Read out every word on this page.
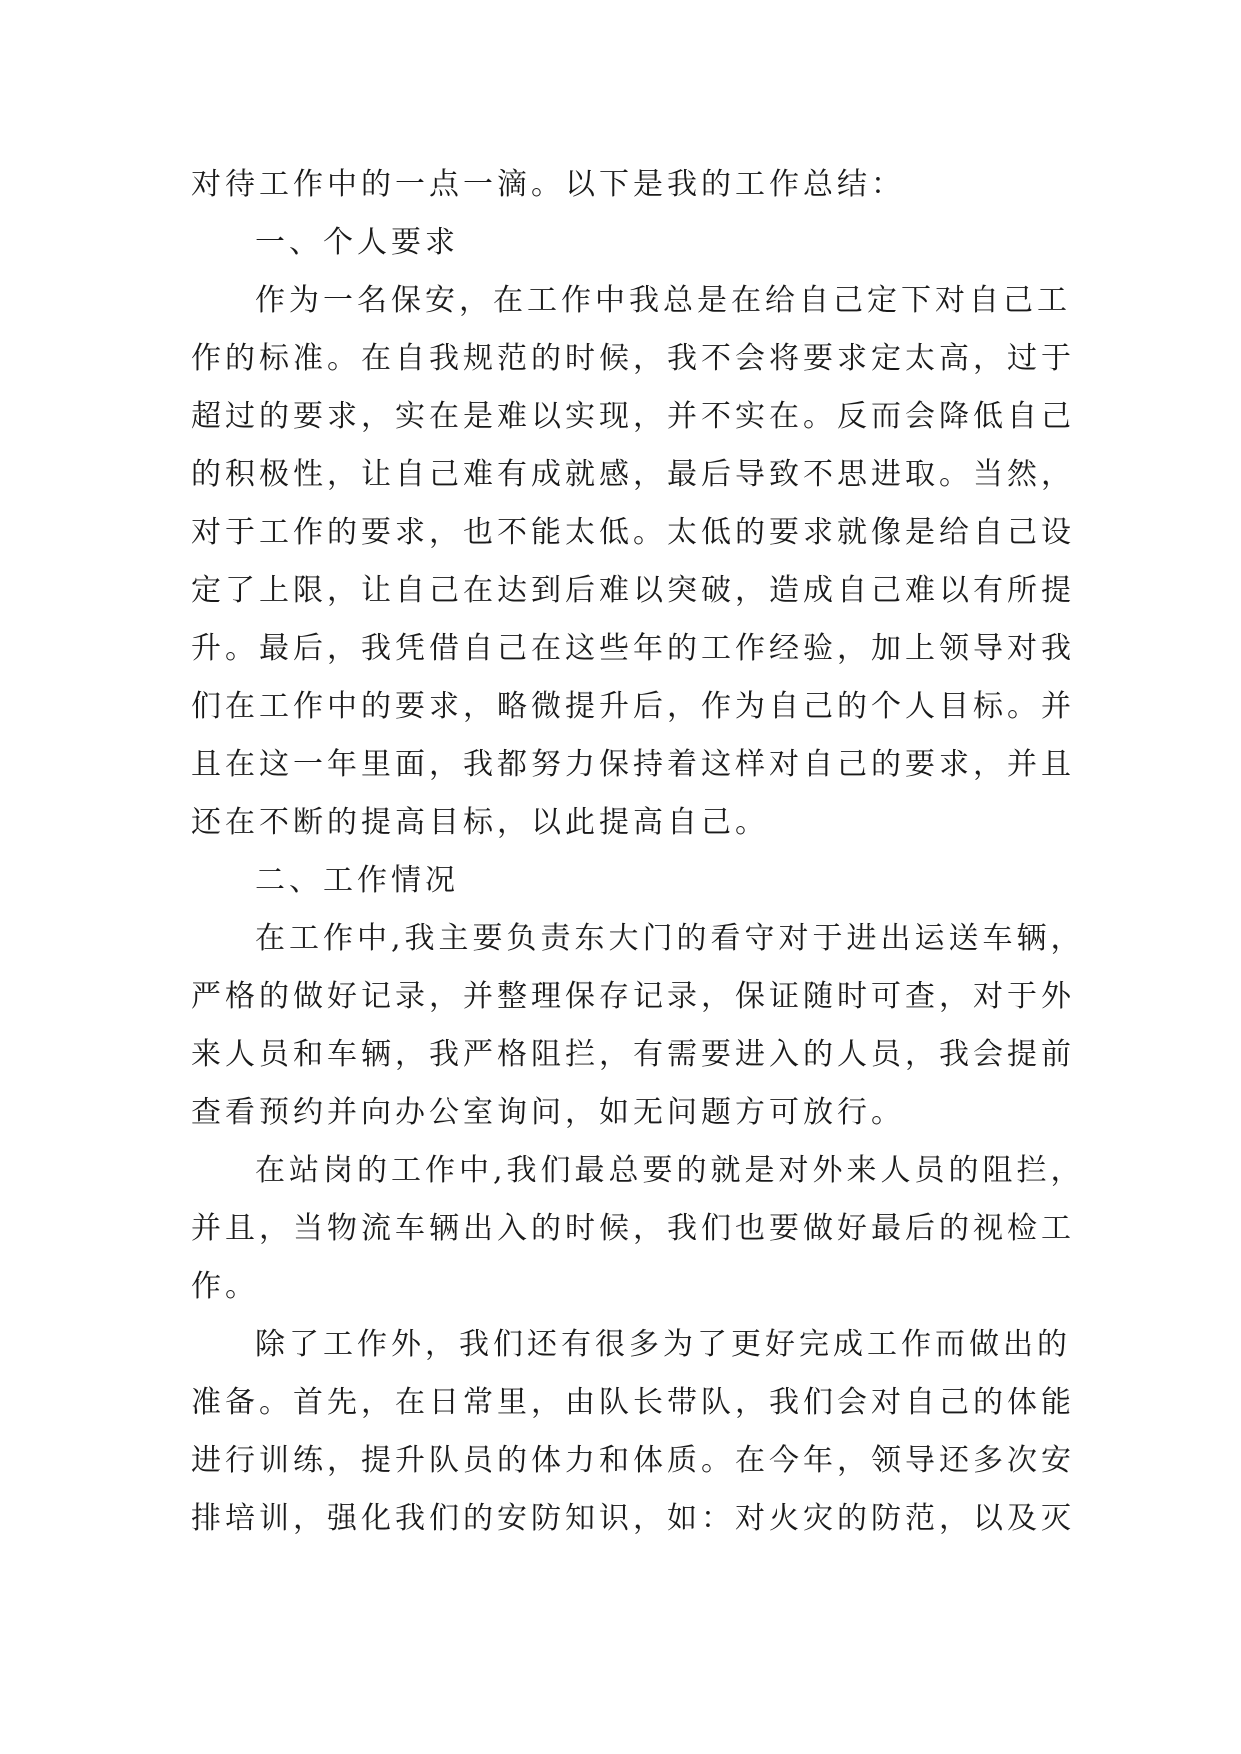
对待工作中的一点一滴。以下是我的工作总结：
一、个人要求
作为一名保安，在工作中我总是在给自己定下对自己工
作的标准。在自我规范的时候，我不会将要求定太高，过于
超过的要求，实在是难以实现，并不实在。反而会降低自己
的积极性，让自己难有成就感，最后导致不思进取。当然，
对于工作的要求，也不能太低。太低的要求就像是给自己设
定了上限，让自己在达到后难以突破，造成自己难以有所提
升。最后，我凭借自己在这些年的工作经验，加上领导对我
们在工作中的要求，略微提升后，作为自己的个人目标。并
且在这一年里面，我都努力保持着这样对自己的要求，并且
还在不断的提高目标，以此提高自己。
二、工作情况
在工作中,我主要负责东大门的看守对于进出运送车辆，
严格的做好记录，并整理保存记录，保证随时可查，对于外
来人员和车辆，我严格阻拦，有需要进入的人员，我会提前
查看预约并向办公室询问，如无问题方可放行。
在站岗的工作中,我们最总要的就是对外来人员的阻拦，
并且，当物流车辆出入的时候，我们也要做好最后的视检工
作。
除了工作外，我们还有很多为了更好完成工作而做出的
准备。首先，在日常里，由队长带队，我们会对自己的体能
进行训练，提升队员的体力和体质。在今年，领导还多次安
排培训，强化我们的安防知识，如：对火灾的防范，以及灭
